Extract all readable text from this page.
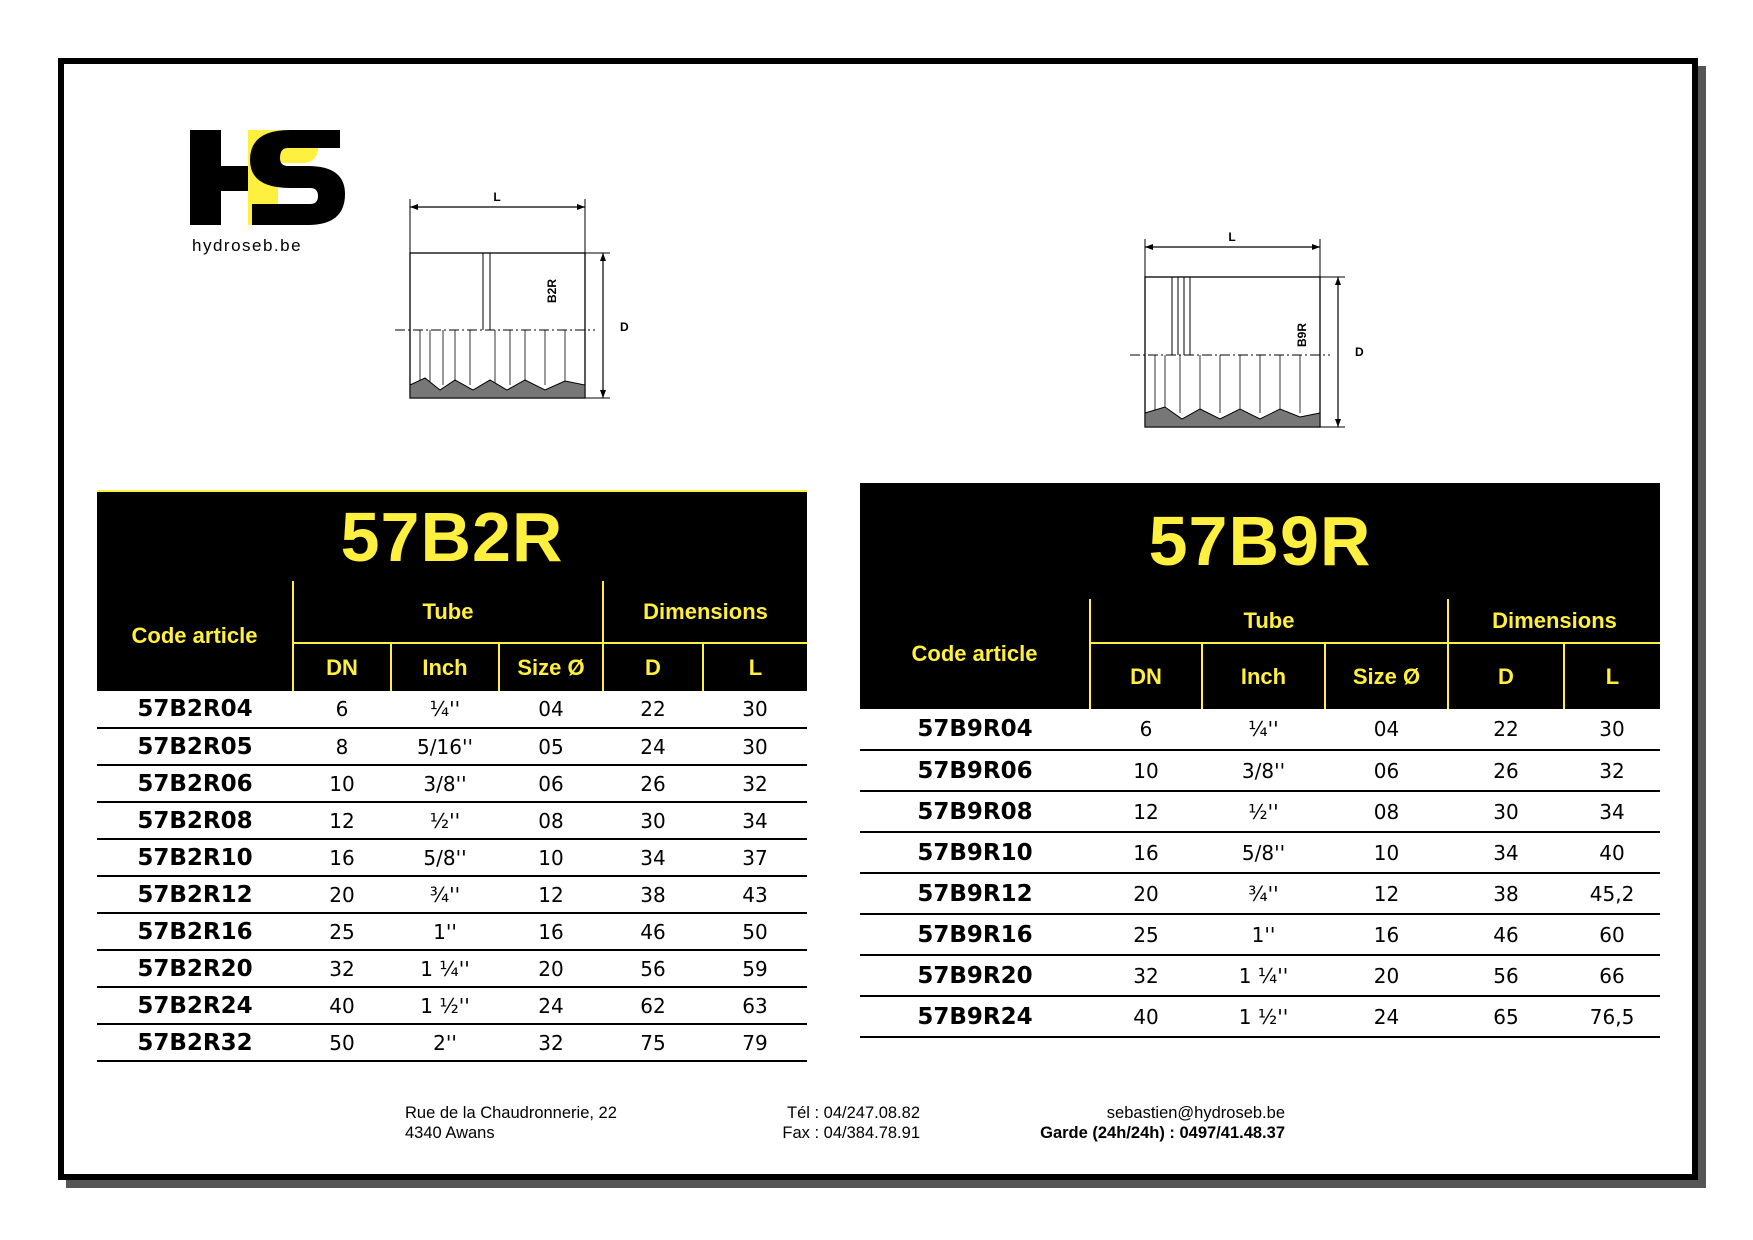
hydroseb.be
L
D
B2R
L
D
B9R
57B2R					
Code article	Tube			Dimensions	
	DN	Inch	Size Ø	D	L
57B2R04	6	¼''	04	22	30
57B2R05	8	5/16''	05	24	30
57B2R06	10	3/8''	06	26	32
57B2R08	12	½''	08	30	34
57B2R10	16	5/8''	10	34	37
57B2R12	20	¾''	12	38	43
57B2R16	25	1''	16	46	50
57B2R20	32	1 ¼''	20	56	59
57B2R24	40	1 ½''	24	62	63
57B2R32	50	2''	32	75	79
57B9R					
Code article	Tube			Dimensions	
	DN	Inch	Size Ø	D	L
57B9R04	6	¼''	04	22	30
57B9R06	10	3/8''	06	26	32
57B9R08	12	½''	08	30	34
57B9R10	16	5/8''	10	34	40
57B9R12	20	¾''	12	38	45,2
57B9R16	25	1''	16	46	60
57B9R20	32	1 ¼''	20	56	66
57B9R24	40	1 ½''	24	65	76,5
Rue de la Chaudronnerie, 22
4340 Awans
Tél : 04/247.08.82
Fax : 04/384.78.91
sebastien@hydroseb.be
Garde (24h/24h) : 0497/41.48.37
